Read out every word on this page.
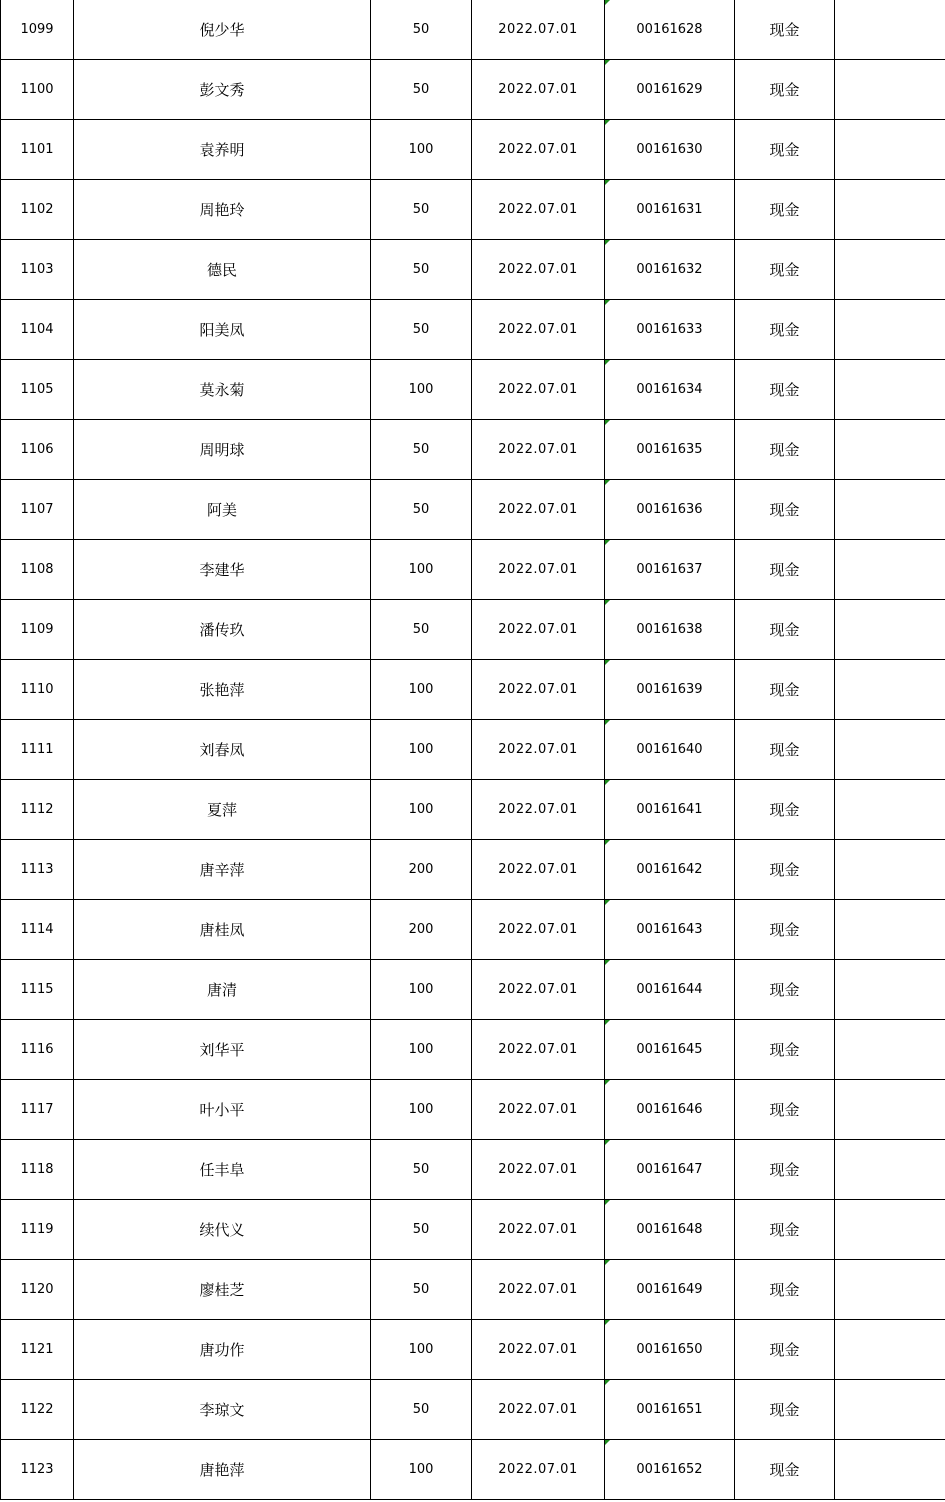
1099	倪少华	50	2022.07.01	00161628	现金	
1100	彭文秀	50	2022.07.01	00161629	现金	
1101	袁养明	100	2022.07.01	00161630	现金	
1102	周艳玲	50	2022.07.01	00161631	现金	
1103	德民	50	2022.07.01	00161632	现金	
1104	阳美凤	50	2022.07.01	00161633	现金	
1105	莫永菊	100	2022.07.01	00161634	现金	
1106	周明球	50	2022.07.01	00161635	现金	
1107	阿美	50	2022.07.01	00161636	现金	
1108	李建华	100	2022.07.01	00161637	现金	
1109	潘传玖	50	2022.07.01	00161638	现金	
1110	张艳萍	100	2022.07.01	00161639	现金	
1111	刘春凤	100	2022.07.01	00161640	现金	
1112	夏萍	100	2022.07.01	00161641	现金	
1113	唐辛萍	200	2022.07.01	00161642	现金	
1114	唐桂凤	200	2022.07.01	00161643	现金	
1115	唐清	100	2022.07.01	00161644	现金	
1116	刘华平	100	2022.07.01	00161645	现金	
1117	叶小平	100	2022.07.01	00161646	现金	
1118	任丰阜	50	2022.07.01	00161647	现金	
1119	续代义	50	2022.07.01	00161648	现金	
1120	廖桂芝	50	2022.07.01	00161649	现金	
1121	唐功作	100	2022.07.01	00161650	现金	
1122	李琼文	50	2022.07.01	00161651	现金	
1123	唐艳萍	100	2022.07.01	00161652	现金	
